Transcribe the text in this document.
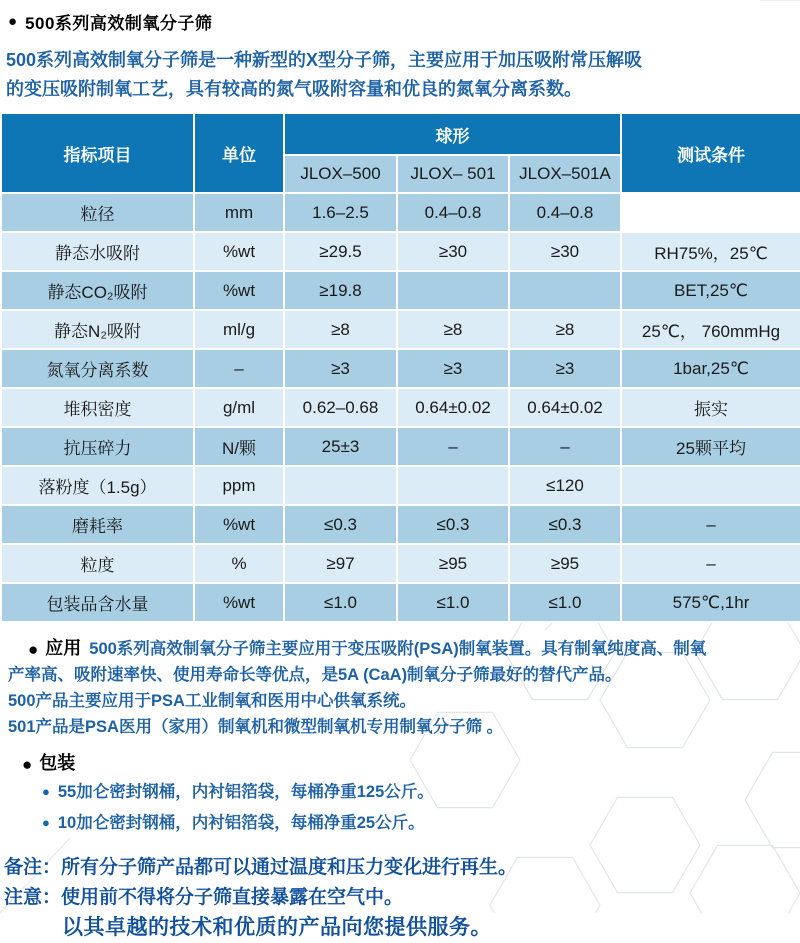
● 500系列高效制氧分子筛
500系列高效制氧分子筛是一种新型的X型分子筛，主要应用于加压吸附常压解吸
的变压吸附制氧工艺，具有较高的氮气吸附容量和优良的氮氧分离系数。
指标项目	单位	球形			测试条件
		JLOX–500	JLOX– 501	JLOX–501A	
粒径	mm	1.6–2.5	0.4–0.8	0.4–0.8	
静态水吸附	%wt	≥29.5	≥30	≥30	RH75%，25℃
静态CO₂吸附	%wt	≥19.8			BET,25℃
静态N₂吸附	ml/g	≥8	≥8	≥8	25℃， 760mmHg
氮氧分离系数	–	≥3	≥3	≥3	1bar,25℃
堆积密度	g/ml	0.62–0.68	0.64±0.02	0.64±0.02	振实
抗压碎力	N/颗	25±3	–	–	25颗平均
落粉度（1.5g）	ppm			≤120	
磨耗率	%wt	≤0.3	≤0.3	≤0.3	–
粒度	%	≥97	≥95	≥95	–
包装品含水量	%wt	≤1.0	≤1.0	≤1.0	575℃,1hr
● 应用 500系列高效制氧分子筛主要应用于变压吸附(PSA)制氧装置。具有制氧纯度高、制氧
产率高、吸附速率快、使用寿命长等优点，是5A (CaA)制氧分子筛最好的替代产品。
500产品主要应用于PSA工业制氧和医用中心供氧系统。
501产品是PSA医用（家用）制氧机和微型制氧机专用制氧分子筛 。
● 包装
● 55加仑密封钢桶，内衬铝箔袋，每桶净重125公斤。
● 10加仑密封钢桶，内衬铝箔袋，每桶净重25公斤。
备注：所有分子筛产品都可以通过温度和压力变化进行再生。
注意：使用前不得将分子筛直接暴露在空气中。
以其卓越的技术和优质的产品向您提供服务。
